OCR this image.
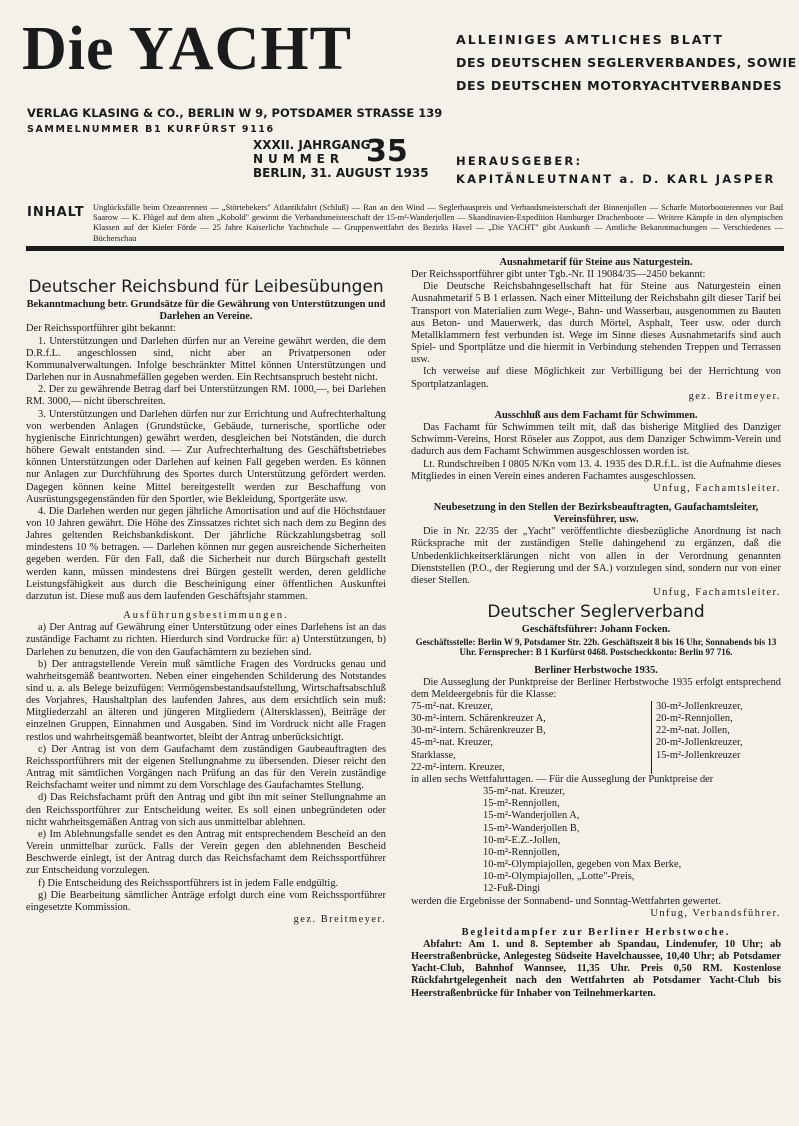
Die YACHT	ALLEINIGES AMTLICHES BLATT
DES DEUTSCHEN SEGLERVERBANDES, SOWIE
DES DEUTSCHEN MOTORYACHTVERBANDES
VERLAG KLASING & CO., BERLIN W 9, POTSDAMER STRASSE 139
SAMMELNUMMER B1 KURFÜRST 9116
XXXII. JAHRGANG
NUMMER
BERLIN, 31. AUGUST 1935
35	HERAUSGEBER:
KAPITÄNLEUTNANT a. D. KARL JASPER
INHALT Unglücksfälle beim Ozeanrennen — „Störtebekers" Atlantikfahrt (Schluß) — Ran an den Wind — Seglerhauspreis und Verbandsmeisterschaft der Binnenjollen — Scharfe Motorbooterennen vor Bad Saarow — K. Flügel auf dem alten „Kobold" gewinnt die Verbandsmeisterschaft der 15-m²-Wanderjollen — Skandinavien-Expedition Hamburger Drachenboote — Weitere Kämpfe in den olympischen Klassen auf der Kieler Förde — 25 Jahre Kaiserliche Yachtschule — Gruppenwettfahrt des Bezirks Havel — „Die YACHT" gibt Auskunft — Amtliche Bekanntmachungen — Verschiedenes — Bücherschau
Deutscher Reichsbund für Leibesübungen

Bekanntmachung betr. Grundsätze für die Gewährung von Unterstützungen und Darlehen an Vereine.

Der Reichssportführer gibt bekannt:

1. Unterstützungen und Darlehen dürfen nur an Vereine gewährt werden, die dem D.R.f.L. angeschlossen sind, nicht aber an Privatpersonen oder Kommunalverwaltungen. Infolge beschränkter Mittel können Unterstützungen und Darlehen nur in Ausnahmefällen gegeben werden. Ein Rechtsanspruch besteht nicht.

2. Der zu gewährende Betrag darf bei Unterstützungen RM. 1000,—, bei Darlehen RM. 3000,— nicht überschreiten.

3. Unterstützungen und Darlehen dürfen nur zur Errichtung und Aufrechterhaltung von werbenden Anlagen (Grundstücke, Gebäude, turnerische, sportliche oder hygienische Einrichtungen) gewährt werden, desgleichen bei Notständen, die durch höhere Gewalt entstanden sind. — Zur Aufrechterhaltung des Geschäftsbetriebes können Unterstützungen oder Darlehen auf keinen Fall gegeben werden. Es können nur Anlagen zur Durchführung des Sportes durch Unterstützung gefördert werden. Dagegen können keine Mittel bereitgestellt werden zur Beschaffung von Ausrüstungsgegenständen für den Sportler, wie Bekleidung, Sportgeräte usw.

4. Die Darlehen werden nur gegen jährliche Amortisation und auf die Höchstdauer von 10 Jahren gewährt. Die Höhe des Zinssatzes richtet sich nach dem zu Beginn des Jahres geltenden Reichsbankdiskont. Der jährliche Rückzahlungsbetrag soll mindestens 10 % betragen. — Darlehen können nur gegen ausreichende Sicherheiten gegeben werden. Für den Fall, daß die Sicherheit nur durch Bürgschaft gestellt werden kann, müssen mindestens drei Bürgen gestellt werden, deren geldliche Leistungsfähigkeit aus durch die Bescheinigung einer öffentlichen Auskunftei darzutun ist. Diese muß aus dem laufenden Geschäftsjahr stammen.

Ausführungsbestimmungen.

a) Der Antrag auf Gewährung einer Unterstützung oder eines Darlehens ist an das zuständige Fachamt zu richten. Hierdurch sind Vordrucke für: a) Unterstützungen, b) Darlehen zu benutzen, die von den Gaufachämtern zu beziehen sind.

b) Der antragstellende Verein muß sämtliche Fragen des Vordrucks genau und wahrheitsgemäß beantworten. Neben einer eingehenden Schilderung des Notstandes sind u. a. als Belege beizufügen: Vermögensbestandsaufstellung, Wirtschaftsabschluß des Vorjahres, Haushaltplan des laufenden Jahres, aus dem ersichtlich sein muß: Mitgliederzahl an älteren und jüngeren Mitgliedern (Altersklassen), Beiträge der einzelnen Gruppen, Einnahmen und Ausgaben. Sind im Vordruck nicht alle Fragen restlos und wahrheitsgemäß beantwortet, bleibt der Antrag unberücksichtigt.

c) Der Antrag ist von dem Gaufachamt dem zuständigen Gaubeauftragten des Reichssportführers mit der eigenen Stellungnahme zu übersenden. Dieser reicht den Antrag mit sämtlichen Vorgängen nach Prüfung an das für den Verein zuständige Reichsfachamt weiter und nimmt zu dem Vorschlage des Gaufachamtes Stellung.

d) Das Reichsfachamt prüft den Antrag und gibt ihn mit seiner Stellungnahme an den Reichssportführer zur Entscheidung weiter. Es soll einen unbegründeten oder nicht wahrheitsgemäßen Antrag von sich aus unmittelbar ablehnen.

e) Im Ablehnungsfalle sendet es den Antrag mit entsprechendem Bescheid an den Verein unmittelbar zurück. Falls der Verein gegen den ablehnenden Bescheid Beschwerde einlegt, ist der Antrag durch das Reichsfachamt dem Reichssportführer zur Entscheidung vorzulegen.

f) Die Entscheidung des Reichssportführers ist in jedem Falle endgültig.

g) Die Bearbeitung sämtlicher Anträge erfolgt durch eine vom Reichssportführer eingesetzte Kommission.

gez. Breitmeyer.

Ausnahmetarif für Steine aus Naturgestein.

Der Reichssportführer gibt unter Tgb.-Nr. II 19084/35—2450 bekannt:

Die Deutsche Reichsbahngesellschaft hat für Steine aus Naturgestein einen Ausnahmetarif 5 B 1 erlassen. Nach einer Mitteilung der Reichsbahn gilt dieser Tarif bei Transport von Materialien zum Wege-, Bahn- und Wasserbau, ausgenommen zu Bauten aus Beton- und Mauerwerk, das durch Mörtel, Asphalt, Teer usw. oder durch Metallklammern fest verbunden ist. Wege im Sinne dieses Ausnahmetarifs sind auch Spiel- und Sportplätze und die hiermit in Verbindung stehenden Treppen und Terrassen usw.

Ich verweise auf diese Möglichkeit zur Verbilligung bei der Herrichtung von Sportplatzanlagen.

gez. Breitmeyer.

Ausschluß aus dem Fachamt für Schwimmen.

Das Fachamt für Schwimmen teilt mit, daß das bisherige Mitglied des Danziger Schwimm-Vereins, Horst Röseler aus Zoppot, aus dem Danziger Schwimm-Verein und dadurch aus dem Fachamt Schwimmen ausgeschlossen worden ist.

Lt. Rundschreiben I 0805 N/Kn vom 13. 4. 1935 des D.R.f.L. ist die Aufnahme dieses Mitgliedes in einen Verein eines anderen Fachamtes ausgeschlossen.

Unfug, Fachamtsleiter.

Neubesetzung in den Stellen der Bezirksbeauftragten, Gaufachamtsleiter, Vereinsführer, usw.

Die in Nr. 22/35 der „Yacht" veröffentlichte diesbezügliche Anordnung ist nach Rücksprache mit der zuständigen Stelle dahingehend zu ergänzen, daß die Unbedenklichkeitserklärungen nicht von allen in der Verordnung genannten Dienststellen (P.O., der Regierung und der SA.) vorzulegen sind, sondern nur von einer dieser Stellen.

Unfug, Fachamtsleiter.

Deutscher Seglerverband

Geschäftsführer: Johann Focken.

Geschäftsstelle: Berlin W 9, Potsdamer Str. 22b. Geschäftszeit 8 bis 16 Uhr, Sonnabends bis 13 Uhr. Fernsprecher: B 1 Kurfürst 0468. Postscheckkonto: Berlin 97 716.

Berliner Herbstwoche 1935.

Die Ausseglung der Punktpreise der Berliner Herbstwoche 1935 erfolgt entsprechend dem Meldeergebnis für die Klasse:

75-m²-nat. Kreuzer,
30-m²-intern. Schärenkreuzer A,
30-m²-intern. Schärenkreuzer B,
45-m²-nat. Kreuzer,
Starklasse,
22-m²-intern. Kreuzer,
30-m²-Jollenkreuzer,
20-m²-Rennjollen,
22-m²-nat. Jollen,
20-m²-Jollenkreuzer,
15-m²-Jollenkreuzer

in allen sechs Wettfahrttagen. — Für die Ausseglung der Punktpreise der

35-m²-nat. Kreuzer,
15-m²-Rennjollen,
15-m²-Wanderjollen A,
15-m²-Wanderjollen B,
10-m²-E.Z.-Jollen,
10-m²-Rennjollen,
10-m²-Olympiajollen, gegeben von Max Berke,
10-m²-Olympiajollen, „Lotte"-Preis,
12-Fuß-Dingi

werden die Ergebnisse der Sonnabend- und Sonntag-Wettfahrten gewertet.

Unfug, Verbandsführer.

Begleitdampfer zur Berliner Herbstwoche.

Abfahrt: Am 1. und 8. September ab Spandau, Lindenufer, 10 Uhr; ab Heerstraßenbrücke, Anlegesteg Südseite Havelchaussee, 10,40 Uhr; ab Potsdamer Yacht-Club, Bahnhof Wannsee, 11,35 Uhr. Preis 0,50 RM. Kostenlose Rückfahrtgelegenheit nach den Wettfahrten ab Potsdamer Yacht-Club bis Heerstraßenbrücke für Inhaber von Teilnehmerkarten.
